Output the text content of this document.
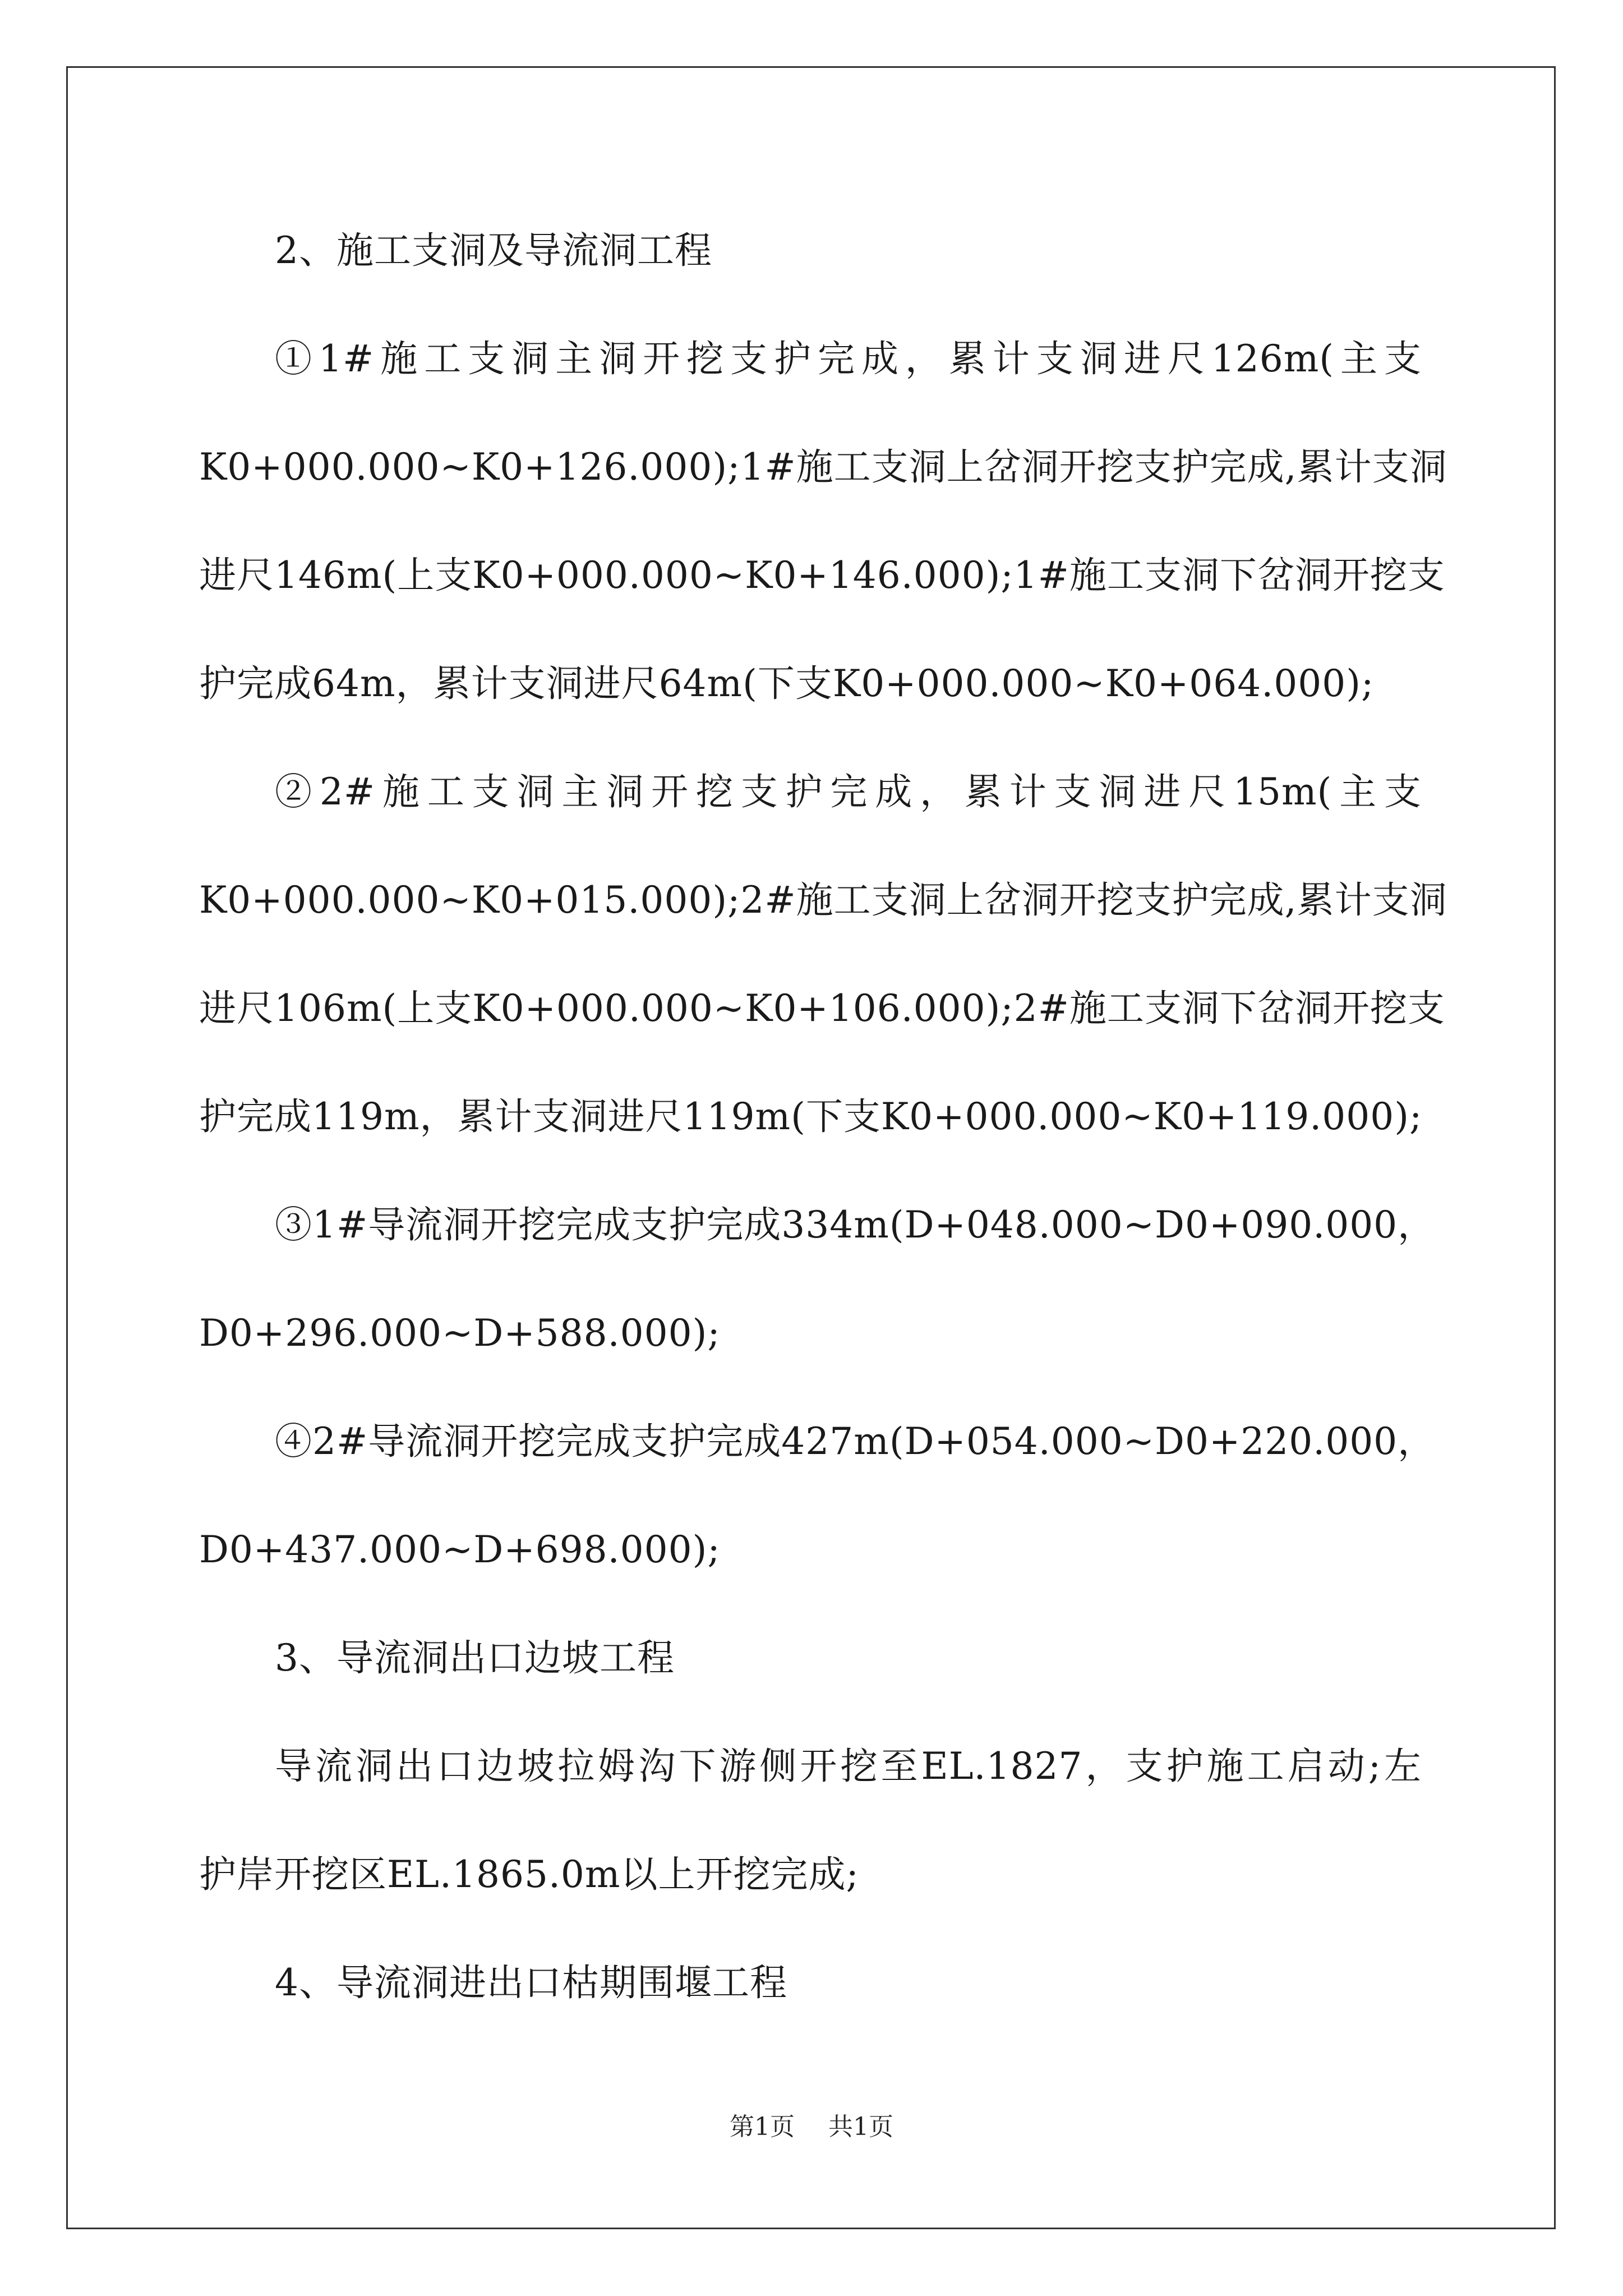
2、施工支洞及导流洞工程
①1#施工支洞主洞开挖支护完成，累计支洞进尺126m(主支
K0+000.000~K0+126.000);1#施工支洞上岔洞开挖支护完成,累计支洞
进尺146m(上支K0+000.000~K0+146.000);1#施工支洞下岔洞开挖支
护完成64m，累计支洞进尺64m(下支K0+000.000~K0+064.000);
②2#施工支洞主洞开挖支护完成，累计支洞进尺15m(主支
K0+000.000~K0+015.000);2#施工支洞上岔洞开挖支护完成,累计支洞
进尺106m(上支K0+000.000~K0+106.000);2#施工支洞下岔洞开挖支
护完成119m，累计支洞进尺119m(下支K0+000.000~K0+119.000);
③1#导流洞开挖完成支护完成334m(D+048.000~D0+090.000，
D0+296.000~D+588.000);
④2#导流洞开挖完成支护完成427m(D+054.000~D0+220.000，
D0+437.000~D+698.000);
3、导流洞出口边坡工程
导流洞出口边坡拉姆沟下游侧开挖至EL.1827，支护施工启动;左
护岸开挖区EL.1865.0m以上开挖完成;
4、导流洞进出口枯期围堰工程
第1页 共1页
